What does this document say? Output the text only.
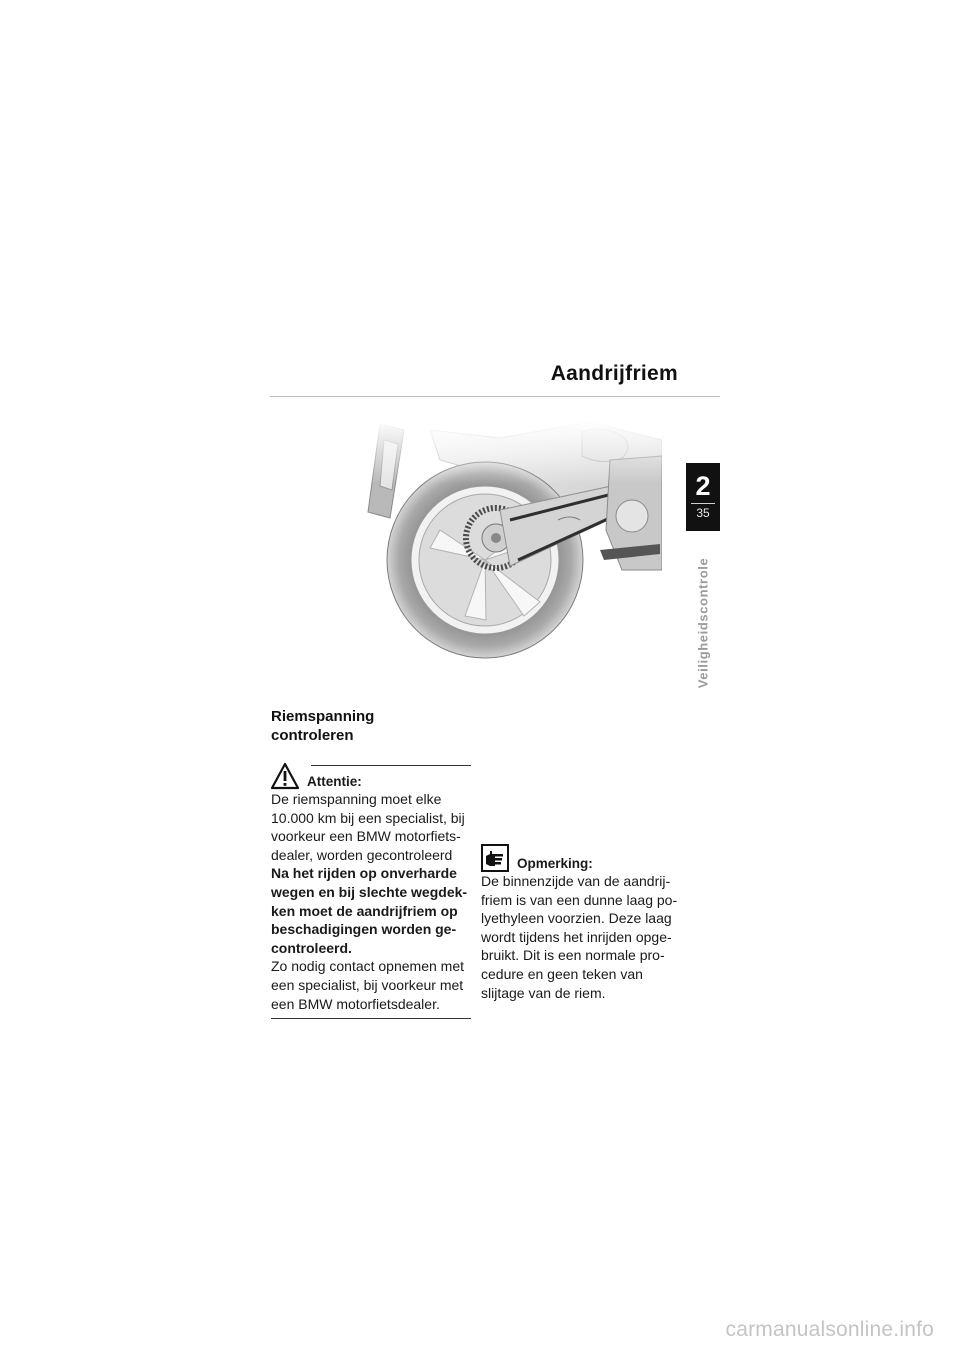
Aandrijfriem
2
35
Veiligheidscontrole
Riemspanning
controleren
Attentie:

De riemspanning moet elke

10.000 km bij een specialist, bij

voorkeur een BMW motorfiets-

dealer, worden gecontroleerd

Na het rijden op onverharde

wegen en bij slechte wegdek-

ken moet de aandrijfriem op

beschadigingen worden ge-

controleerd.

Zo nodig contact opnemen met

een specialist, bij voorkeur met

een BMW motorfietsdealer.

Opmerking:

De binnenzijde van de aandrij-

friem is van een dunne laag po-

lyethyleen voorzien. Deze laag

wordt tijdens het inrijden opge-

bruikt. Dit is een normale pro-

cedure en geen teken van

slijtage van de riem.

carmanualsonline.info
